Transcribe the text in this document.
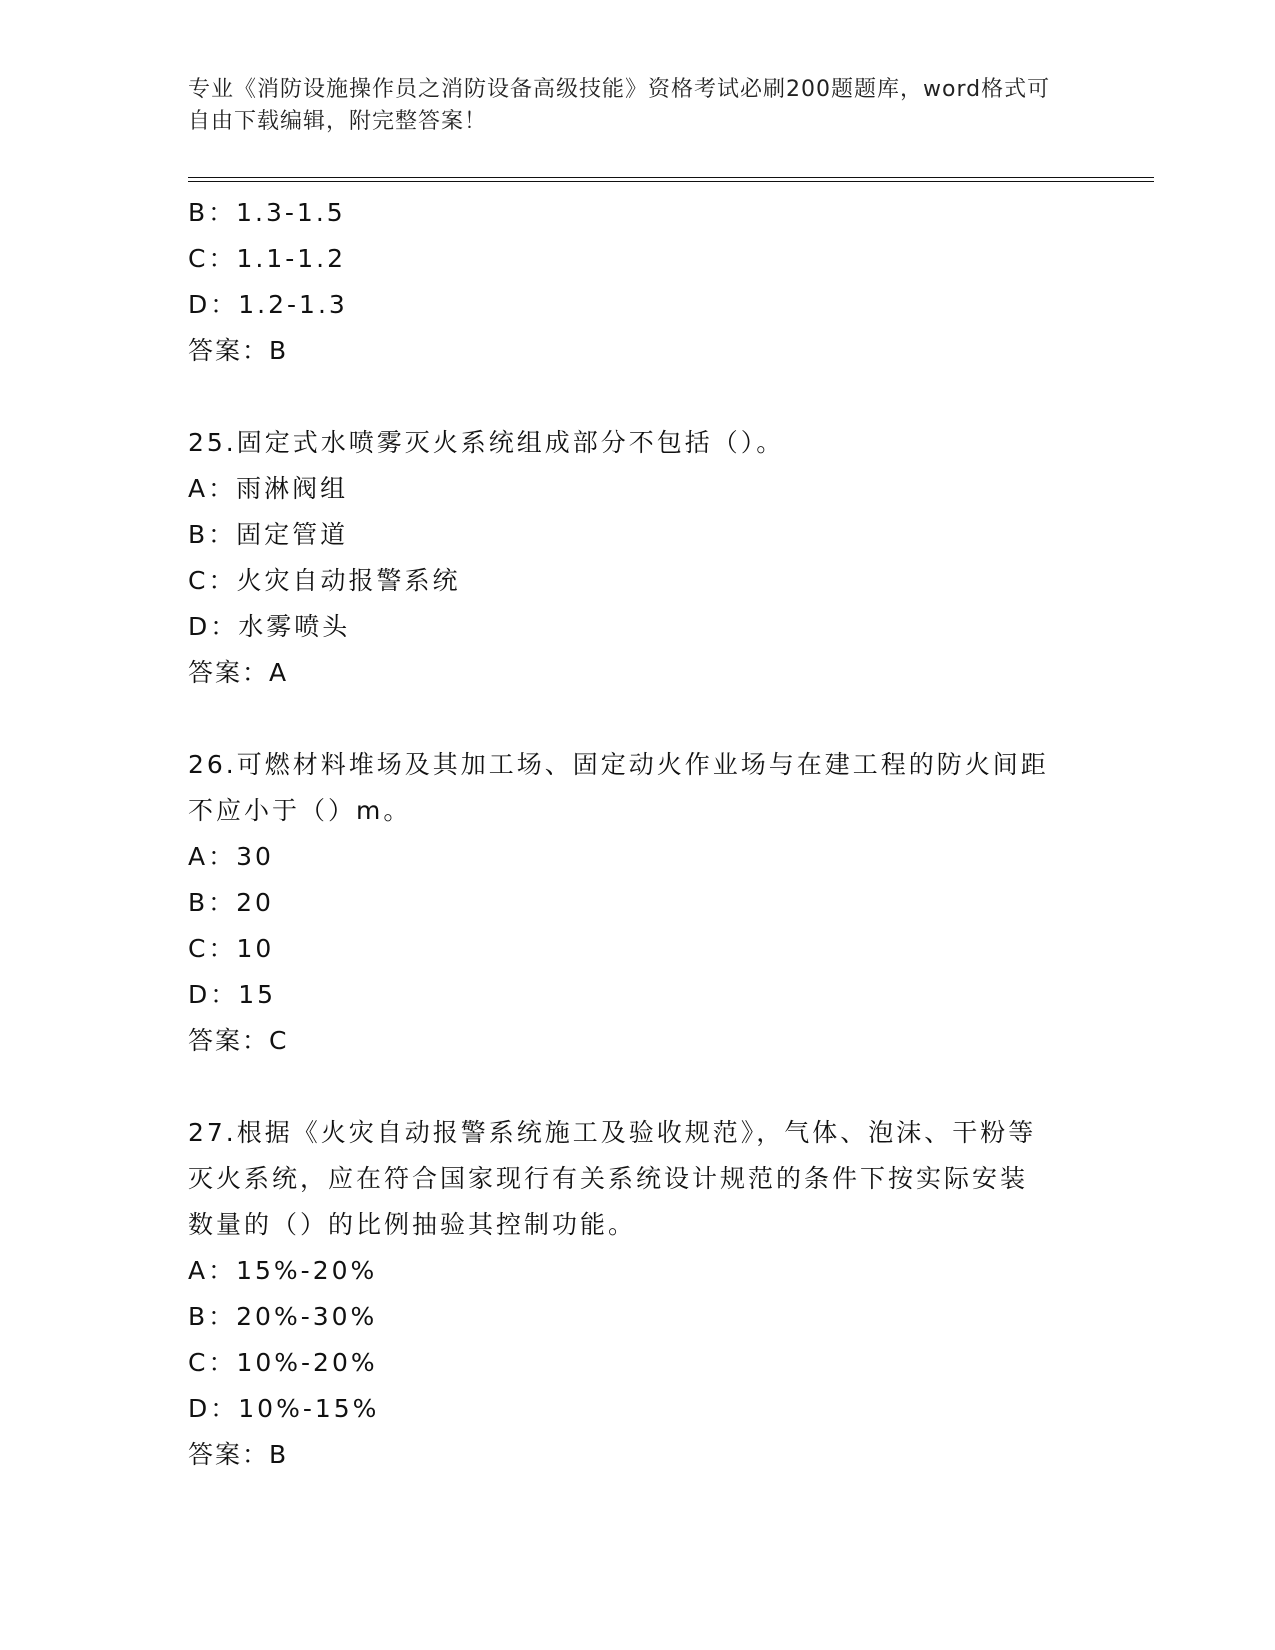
专业《消防设施操作员之消防设备高级技能》资格考试必刷200题题库，word格式可自由下载编辑，附完整答案！
B：1.3-1.5
C：1.1-1.2
D：1.2-1.3
答案：B
25.固定式水喷雾灭火系统组成部分不包括（）。
A：雨淋阀组
B：固定管道
C：火灾自动报警系统
D：水雾喷头
答案：A
26.可燃材料堆场及其加工场、固定动火作业场与在建工程的防火间距
不应小于（）m。
A：30
B：20
C：10
D：15
答案：C
27.根据《火灾自动报警系统施工及验收规范》，气体、泡沫、干粉等
灭火系统，应在符合国家现行有关系统设计规范的条件下按实际安装
数量的（）的比例抽验其控制功能。
A：15%-20%
B：20%-30%
C：10%-20%
D：10%-15%
答案：B
